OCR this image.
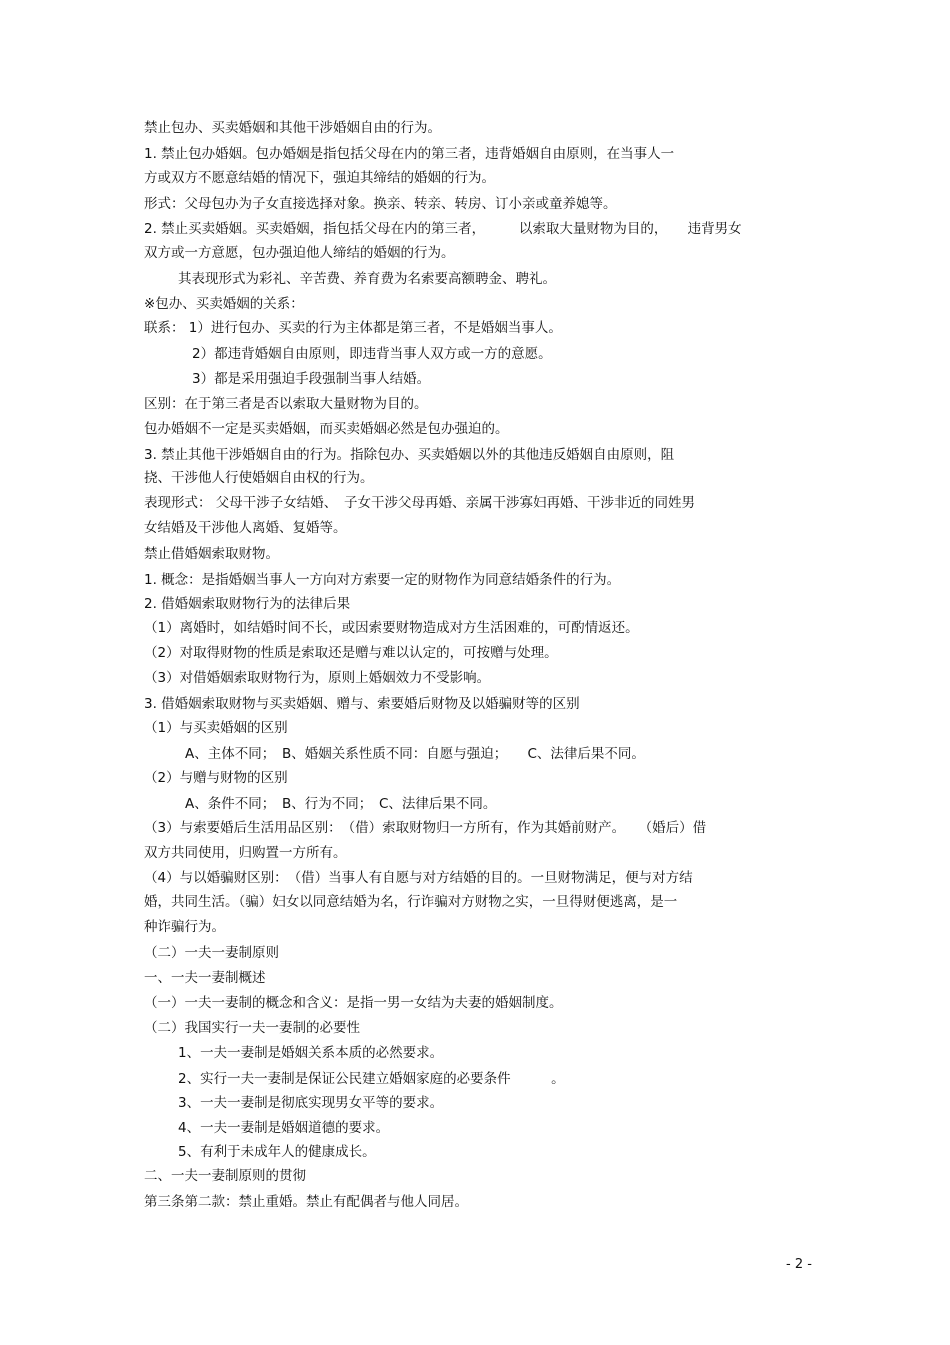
禁止包办、买卖婚姻和其他干涉婚姻自由的行为。
1. 禁止包办婚姻。包办婚姻是指包括父母在内的第三者，违背婚姻自由原则，在当事人一
方或双方不愿意结婚的情况下，强迫其缔结的婚姻的行为。
形式：父母包办为子女直接选择对象。换亲、转亲、转房、订小亲或童养媳等。
2. 禁止买卖婚姻。买卖婚姻，指包括父母在内的第三者，　　　以索取大量财物为目的，　　违背男女
双方或一方意愿，包办强迫他人缔结的婚姻的行为。
其表现形式为彩礼、辛苦费、养育费为名索要高额聘金、聘礼。
※包办、买卖婚姻的关系：
联系： 1）进行包办、买卖的行为主体都是第三者，不是婚姻当事人。
2）都违背婚姻自由原则，即违背当事人双方或一方的意愿。
3）都是采用强迫手段强制当事人结婚。
区别：在于第三者是否以索取大量财物为目的。
包办婚姻不一定是买卖婚姻，而买卖婚姻必然是包办强迫的。
3. 禁止其他干涉婚姻自由的行为。指除包办、买卖婚姻以外的其他违反婚姻自由原则，阻
挠、干涉他人行使婚姻自由权的行为。
表现形式： 父母干涉子女结婚、　子女干涉父母再婚、亲属干涉寡妇再婚、干涉非近的同姓男
女结婚及干涉他人离婚、复婚等。
禁止借婚姻索取财物。
1. 概念：是指婚姻当事人一方向对方索要一定的财物作为同意结婚条件的行为。
2. 借婚姻索取财物行为的法律后果
（1）离婚时，如结婚时间不长，或因索要财物造成对方生活困难的，可酌情返还。
（2）对取得财物的性质是索取还是赠与难以认定的，可按赠与处理。
（3）对借婚姻索取财物行为，原则上婚姻效力不受影响。
3. 借婚姻索取财物与买卖婚姻、赠与、索要婚后财物及以婚骗财等的区别
（1）与买卖婚姻的区别
A、主体不同；　B、婚姻关系性质不同：自愿与强迫；　　C、法律后果不同。
（2）与赠与财物的区别
A、条件不同；　B、行为不同；　C、法律后果不同。
（3）与索要婚后生活用品区别：　（借）索取财物归一方所有，作为其婚前财产。　　（婚后）借
双方共同使用，归购置一方所有。
（4）与以婚骗财区别：　（借）当事人有自愿与对方结婚的目的。一旦财物满足，便与对方结
婚，共同生活。（骗）妇女以同意结婚为名，行诈骗对方财物之实，一旦得财便逃离，是一
种诈骗行为。
（二）一夫一妻制原则
一、一夫一妻制概述
（一）一夫一妻制的概念和含义：是指一男一女结为夫妻的婚姻制度。
（二）我国实行一夫一妻制的必要性
1、一夫一妻制是婚姻关系本质的必然要求。
2、实行一夫一妻制是保证公民建立婚姻家庭的必要条件　　　。
3、一夫一妻制是彻底实现男女平等的要求。
4、一夫一妻制是婚姻道德的要求。
5、有利于未成年人的健康成长。
二、一夫一妻制原则的贯彻
第三条第二款：禁止重婚。禁止有配偶者与他人同居。
- 2 -
